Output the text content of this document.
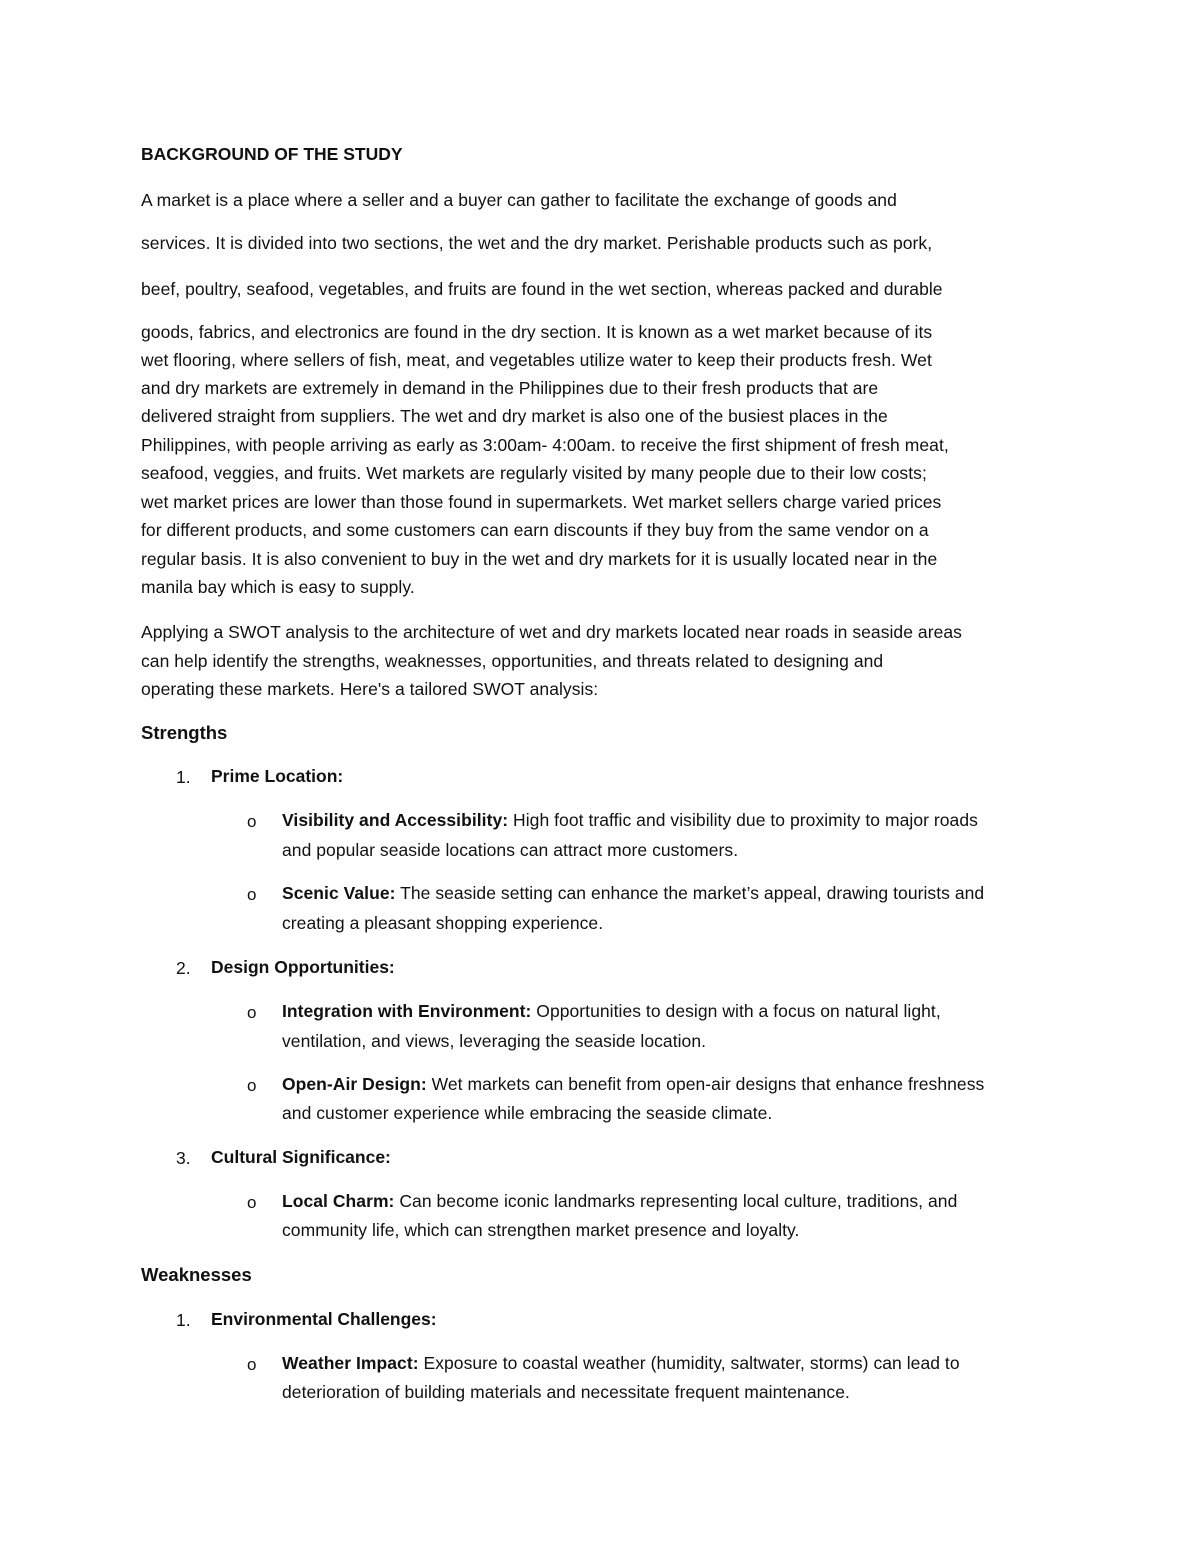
BACKGROUND OF THE STUDY
A market is a place where a seller and a buyer can gather to facilitate the exchange of goods and
services. It is divided into two sections, the wet and the dry market. Perishable products such as pork,
beef, poultry, seafood, vegetables, and fruits are found in the wet section, whereas packed and durable
goods, fabrics, and electronics are found in the dry section. It is known as a wet market because of its
wet flooring, where sellers of fish, meat, and vegetables utilize water to keep their products fresh. Wet
and dry markets are extremely in demand in the Philippines due to their fresh products that are
delivered straight from suppliers. The wet and dry market is also one of the busiest places in the
Philippines, with people arriving as early as 3:00am- 4:00am. to receive the first shipment of fresh meat,
seafood, veggies, and fruits. Wet markets are regularly visited by many people due to their low costs;
wet market prices are lower than those found in supermarkets. Wet market sellers charge varied prices
for different products, and some customers can earn discounts if they buy from the same vendor on a
regular basis. It is also convenient to buy in the wet and dry markets for it is usually located near in the
manila bay which is easy to supply.
Applying a SWOT analysis to the architecture of wet and dry markets located near roads in seaside areas
can help identify the strengths, weaknesses, opportunities, and threats related to designing and
operating these markets. Here's a tailored SWOT analysis:
Strengths
1. Prime Location:
o Visibility and Accessibility: High foot traffic and visibility due to proximity to major roads
and popular seaside locations can attract more customers.
o Scenic Value: The seaside setting can enhance the market’s appeal, drawing tourists and
creating a pleasant shopping experience.
2. Design Opportunities:
o Integration with Environment: Opportunities to design with a focus on natural light,
ventilation, and views, leveraging the seaside location.
o Open-Air Design: Wet markets can benefit from open-air designs that enhance freshness
and customer experience while embracing the seaside climate.
3. Cultural Significance:
o Local Charm: Can become iconic landmarks representing local culture, traditions, and
community life, which can strengthen market presence and loyalty.
Weaknesses
1. Environmental Challenges:
o Weather Impact: Exposure to coastal weather (humidity, saltwater, storms) can lead to
deterioration of building materials and necessitate frequent maintenance.
